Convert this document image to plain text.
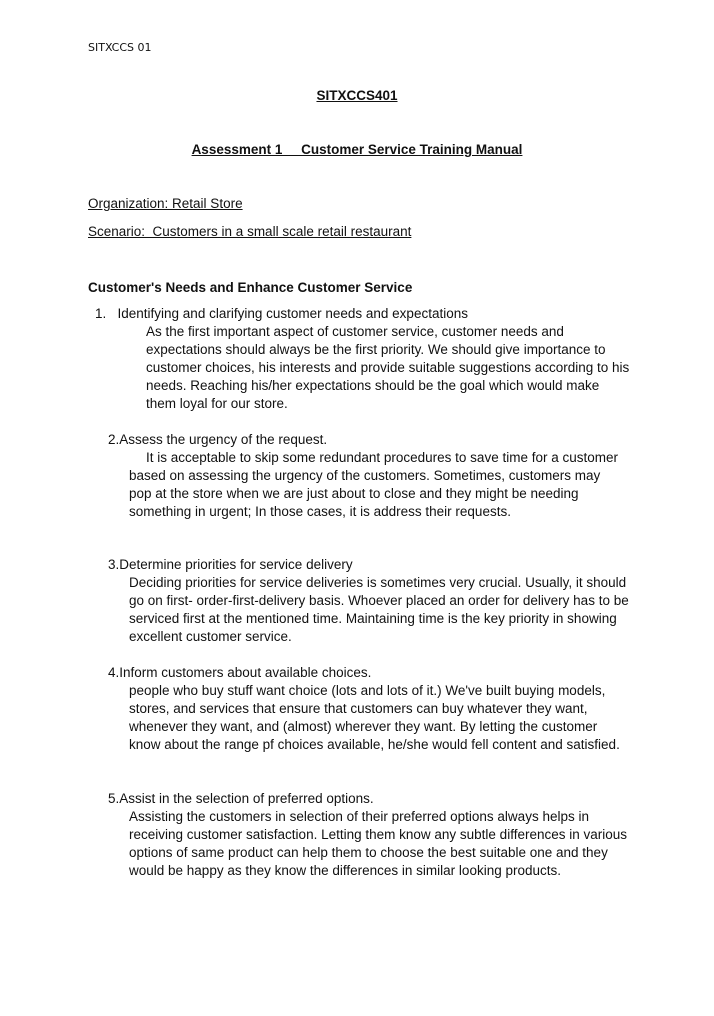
SITXCCS 01
SITXCCS401
Assessment 1     Customer Service Training Manual
Organization: Retail Store
Scenario:  Customers in a small scale retail restaurant
Customer's Needs and Enhance Customer Service
1.   Identifying and clarifying customer needs and expectations
As the first important aspect of customer service, customer needs and expectations should always be the first priority. We should give importance to customer choices, his interests and provide suitable suggestions according to his needs. Reaching his/her expectations should be the goal which would make them loyal for our store.
2.Assess the urgency of the request.
It is acceptable to skip some redundant procedures to save time for a customer based on assessing the urgency of the customers. Sometimes, customers may pop at the store when we are just about to close and they might be needing something in urgent; In those cases, it is address their requests.
3.Determine priorities for service delivery
Deciding priorities for service deliveries is sometimes very crucial. Usually, it should go on first- order-first-delivery basis. Whoever placed an order for delivery has to be serviced first at the mentioned time. Maintaining time is the key priority in showing excellent customer service.
4.Inform customers about available choices.
people who buy stuff want choice (lots and lots of it.) We've built buying models, stores, and services that ensure that customers can buy whatever they want, whenever they want, and (almost) wherever they want. By letting the customer know about the range pf choices available, he/she would fell content and satisfied.
5.Assist in the selection of preferred options.
Assisting the customers in selection of their preferred options always helps in receiving customer satisfaction. Letting them know any subtle differences in various options of same product can help them to choose the best suitable one and they would be happy as they know the differences in similar looking products.
